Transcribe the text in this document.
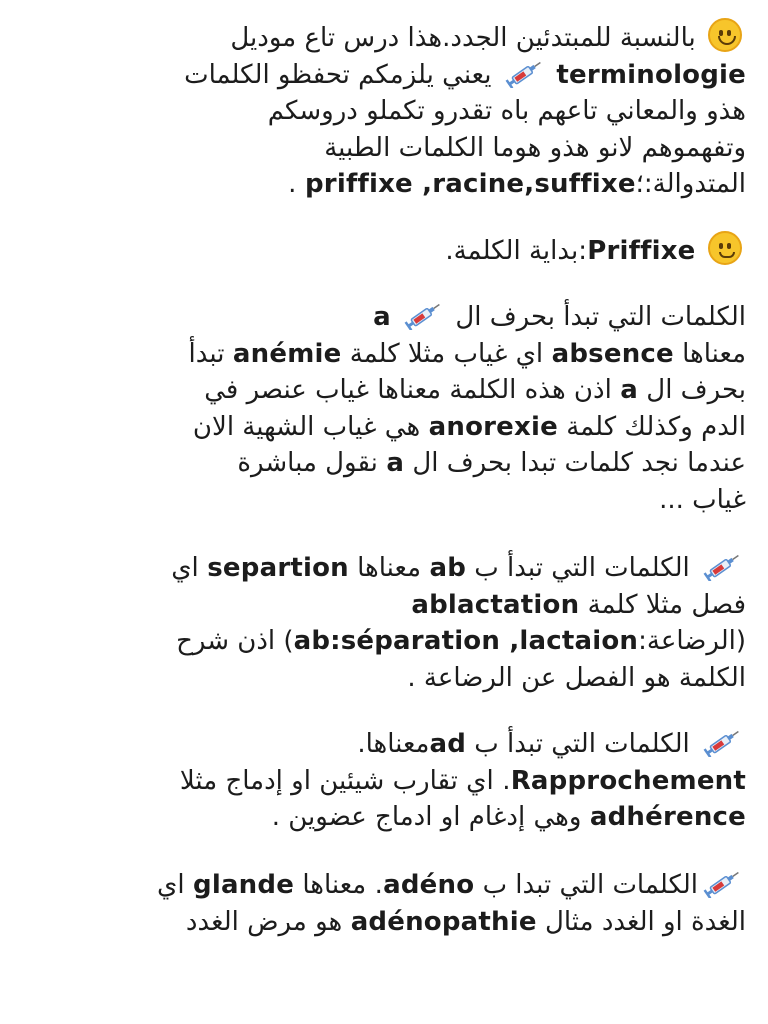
بالنسبة للمبتدئين الجدد.هذا درس تاع موديل
terminologie  يعني يلزمكم تحفظو الكلمات
هذو والمعاني تاعهم باه تقدرو تكملو دروسكم
وتفهموهم لانو هذو هوما الكلمات الطبية
المتدوالة:؛priffixe ,racine,suffixe .
Priffixe:بداية الكلمة.
الكلمات التي تبدأ بحرف ال  a
معناها absence اي غياب مثلا كلمة anémie تبدأ
بحرف ال a اذن هذه الكلمة معناها غياب عنصر في
الدم وكذلك كلمة anorexie هي غياب الشهية الان
عندما نجد كلمات تبدا بحرف ال a نقول مباشرة
غياب ...
الكلمات التي تبدأ ب ab معناها separtion اي
فصل مثلا كلمة ablactation
(الرضاعة:ab:séparation ,lactaion) اذن شرح
الكلمة هو الفصل عن الرضاعة .
الكلمات التي تبدأ ب adمعناها.
Rapprochement. اي تقارب شيئين او إدماج مثلا
adhérence وهي إدغام او ادماج عضوين .
الكلمات التي تبدا ب adéno. معناها glande اي
الغدة او الغدد مثال adénopathie هو مرض الغدد
